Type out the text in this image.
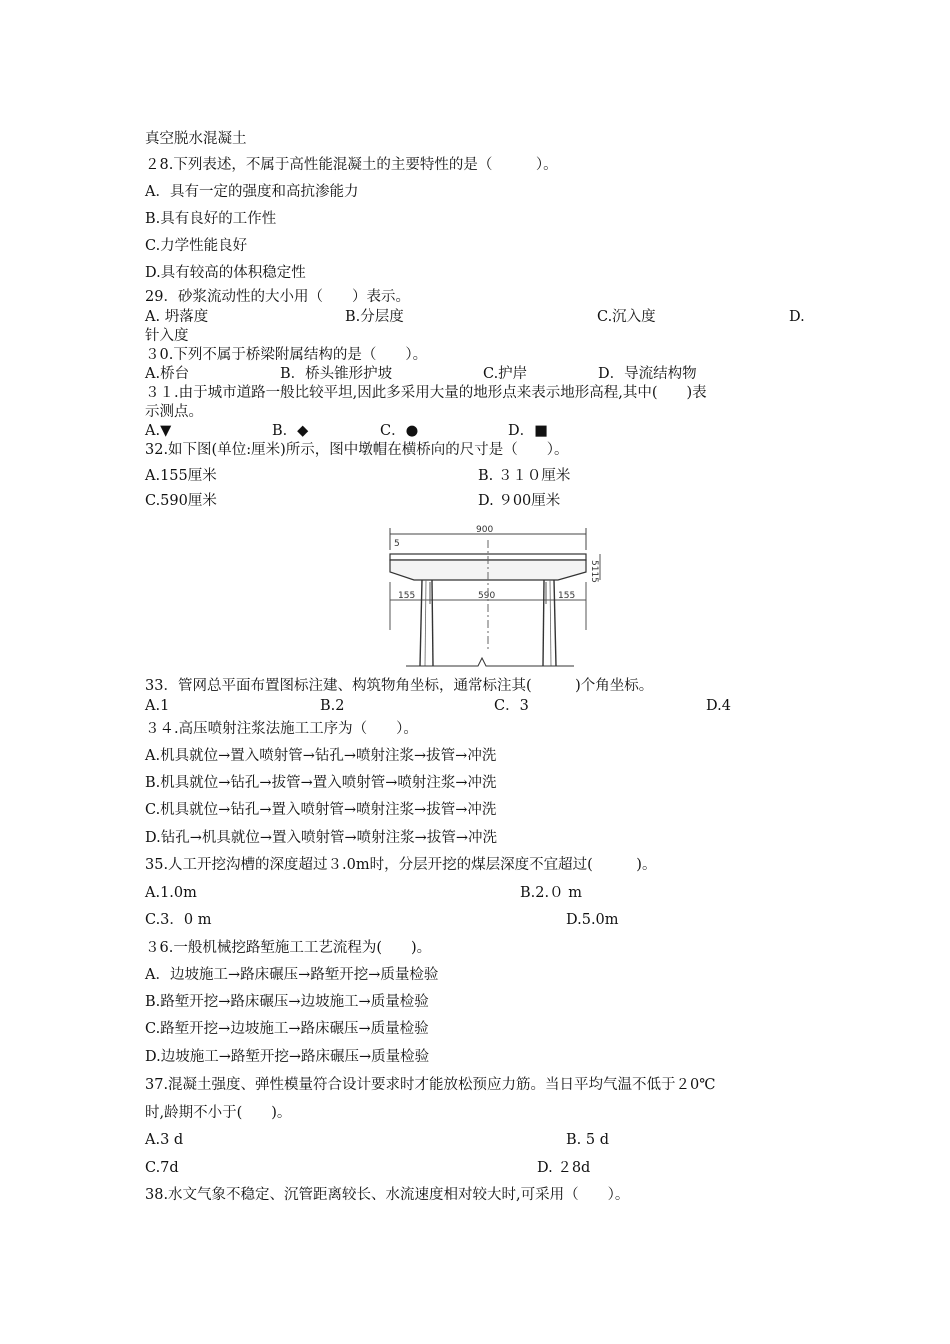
真空脱水混凝土
２8.下列表述，不属于高性能混凝土的主要特性的是（　　　）。
A．具有一定的强度和高抗渗能力
B.具有良好的工作性
C.力学性能良好
D.具有较高的体积稳定性
29．砂浆流动性的大小用（　　）表示。
A. 坍落度	B.分层度	C.沉入度	D.
针入度
３0.下列不属于桥梁附属结构的是（　　）。
A.桥台	B．桥头锥形护坡	C.护岸	D．导流结构物
３１.由于城市道路一般比较平坦,因此多采用大量的地形点来表示地形高程,其中(　　)表
示测点。
A.▼	B．◆	C．●	D．■
32.如下图(单位:厘米)所示，图中墩帽在横桥向的尺寸是（　　）。
A.155厘米	B. ３１０厘米
C.590厘米	D. ９00厘米
900
5
5115
155	590	155
33．管网总平面布置图标注建、构筑物角坐标，通常标注其(　　　)个角坐标。
A.1	B.2	C．3	D.4
３４.高压喷射注浆法施工工序为（　　）。
A.机具就位→置入喷射管→钻孔→喷射注浆→拔管→冲洗
B.机具就位→钻孔→拔管→置入喷射管→喷射注浆→冲洗
C.机具就位→钻孔→置入喷射管→喷射注浆→拔管→冲洗
D.钻孔→机具就位→置入喷射管→喷射注浆→拔管→冲洗
35.人工开挖沟槽的深度超过３.0m时，分层开挖的煤层深度不宜超过(　　　)。
A.1.0m	B.2.０ m
C.3．0 m	D.5.0m
３6.一般机械挖路堑施工工艺流程为(　　)。
A．边坡施工→路床碾压→路堑开挖→质量检验
B.路堑开挖→路床碾压→边坡施工→质量检验
C.路堑开挖→边坡施工→路床碾压→质量检验
D.边坡施工→路堑开挖→路床碾压→质量检验
37.混凝土强度、弹性模量符合设计要求时才能放松预应力筋。当日平均气温不低于２0℃
时,龄期不小于(　　)。
A.3 d	B. 5 d
C.7d	D. ２8d
38.水文气象不稳定、沉管距离较长、水流速度相对较大时,可采用（　　）。
